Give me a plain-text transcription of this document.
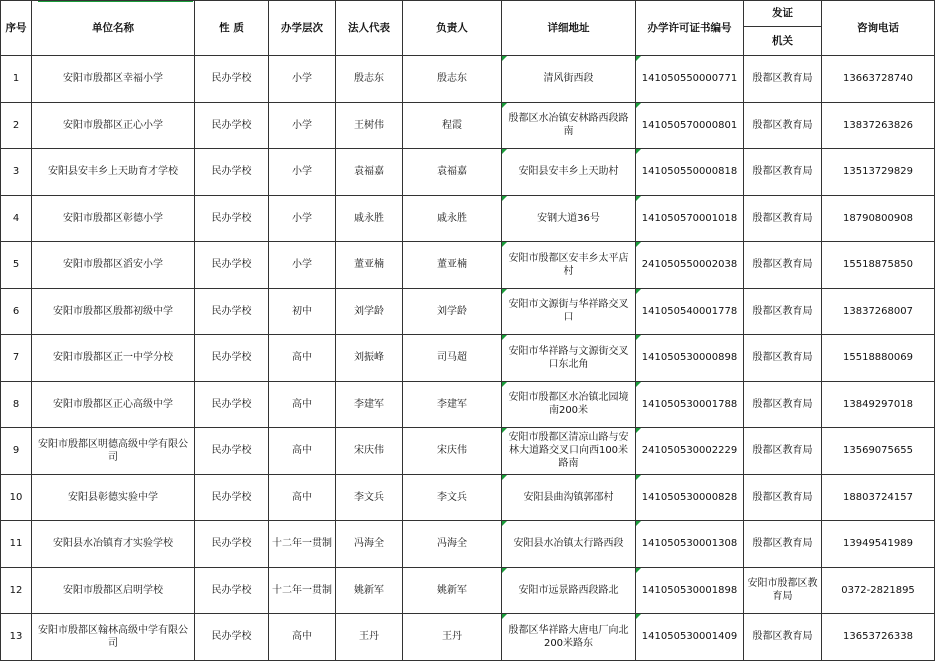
序号	单位名称	性 质	办学层次	法人代表	负责人	详细地址	办学许可证书编号	发证	咨询电话
								机关	
1	安阳市殷都区幸福小学	民办学校	小学	殷志东	殷志东	清风街西段	141050550000771	殷都区教育局	13663728740
2	安阳市殷都区正心小学	民办学校	小学	王树伟	程霞	殷都区水冶镇安林路西段路南	141050570000801	殷都区教育局	13837263826
3	安阳县安丰乡上天助育才学校	民办学校	小学	袁福嘉	袁福嘉	安阳县安丰乡上天助村	141050550000818	殷都区教育局	13513729829
4	安阳市殷都区彰德小学	民办学校	小学	戚永胜	戚永胜	安钢大道36号	141050570001018	殷都区教育局	18790800908
5	安阳市殷都区滔安小学	民办学校	小学	董亚楠	董亚楠	安阳市殷都区安丰乡太平店村	241050550002038	殷都区教育局	15518875850
6	安阳市殷都区殷都初级中学	民办学校	初中	刘学龄	刘学龄	安阳市文源街与华祥路交叉口	141050540001778	殷都区教育局	13837268007
7	安阳市殷都区正一中学分校	民办学校	高中	刘振峰	司马超	安阳市华祥路与文源街交叉口东北角	141050530000898	殷都区教育局	15518880069
8	安阳市殷都区正心高级中学	民办学校	高中	李建军	李建军	安阳市殷都区水冶镇北园境南200米	141050530001788	殷都区教育局	13849297018
9	安阳市殷都区明德高级中学有限公司	民办学校	高中	宋庆伟	宋庆伟	安阳市殷都区清凉山路与安林大道路交叉口向西100米路南	241050530002229	殷都区教育局	13569075655
10	安阳县彰德实验中学	民办学校	高中	李文兵	李文兵	安阳县曲沟镇郭邵村	141050530000828	殷都区教育局	18803724157
11	安阳县水冶镇育才实验学校	民办学校	十二年一贯制	冯海全	冯海全	安阳县水冶镇太行路西段	141050530001308	殷都区教育局	13949541989
12	安阳市殷都区启明学校	民办学校	十二年一贯制	姚新军	姚新军	安阳市远景路西段路北	141050530001898	安阳市殷都区教育局	0372-2821895
13	安阳市殷都区翰林高级中学有限公司	民办学校	高中	王丹	王丹	殷都区华祥路大唐电厂向北200米路东	141050530001409	殷都区教育局	13653726338
